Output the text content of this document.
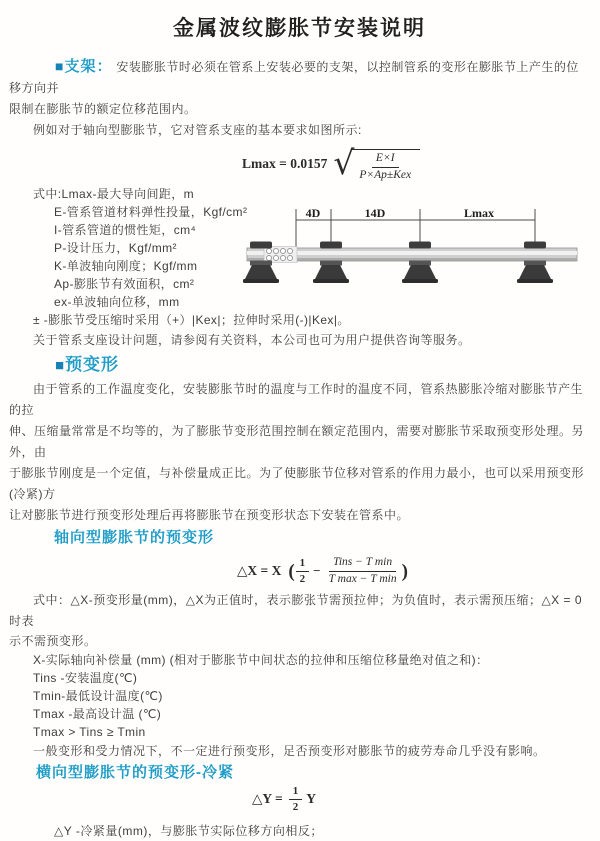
金属波纹膨胀节安装说明
■支架： 安装膨胀节时必须在管系上安装必要的支架，以控制管系的变形在膨胀节上产生的位移方向并
限制在膨胀节的额定位移范围内。
例如对于轴向型膨胀节，它对管系支座的基本要求如图所示:
Lmax = 0.0157 √ $\frac{E\times I}{\text{P×Ap±Kex}}$
式中:Lmax-最大导向间距，m
E-管系管道材料弹性投量，Kgf/cm²
I-管系管道的惯性矩，cm⁴
P-设计压力，Kgf/mm²
K-单波轴向刚度；Kgf/mm
Ap-膨胀节有效面积，cm²
ex-单波轴向位移，mm
± -膨胀节受压缩时采用（+）|Kex|；拉伸时采用(-)|Kex|。
关于管系支座设计问题，请参阅有关资料，本公司也可为用户提供咨询等服务。
■预变形
由于管系的工作温度变化，安装膨胀节时的温度与工作时的温度不同，管系热膨胀冷缩对膨胀节产生的拉
伸、压缩量常常是不均等的，为了膨胀节变形范围控制在额定范围内，需要对膨胀节采取预变形处理。另外，由
于膨胀节刚度是一个定值，与补偿量成正比。为了使膨胀节位移对管系的作用力最小，也可以采用预变形(冷紧)方
让对膨胀节进行预变形处理后再将膨胀节在预变形状态下安装在管系中。
轴向型膨胀节的预变形
△X = X ( $\frac{1}{2} - \frac{\text{Tins − T min}}{\text{T max − T min}}$ )
式中：△X-预变形量(mm)，△X为正值时，表示膨张节需预拉伸；为负值时，表示需预压缩；△X = 0时表
示不需预变形。
X-实际轴向补偿量 (mm) (相对于膨胀节中间状态的拉伸和压缩位移量绝对值之和)：
Tins -安装温度(℃)
Tmin-最低设计温度(℃)
Tmax -最高设计温 (℃)
Tmax > Tins ≥ Tmin
一般变形和受力情况下，不一定进行预变形，足否预变形对膨胀节的疲劳寿命几乎没有影响。
横向型膨胀节的预变形-冷紧
△Y = $\frac{1}{2}$ Y
△Y -冷紧量(mm)，与膨胀节实际位移方向相反；
4D	14D	Lmax
